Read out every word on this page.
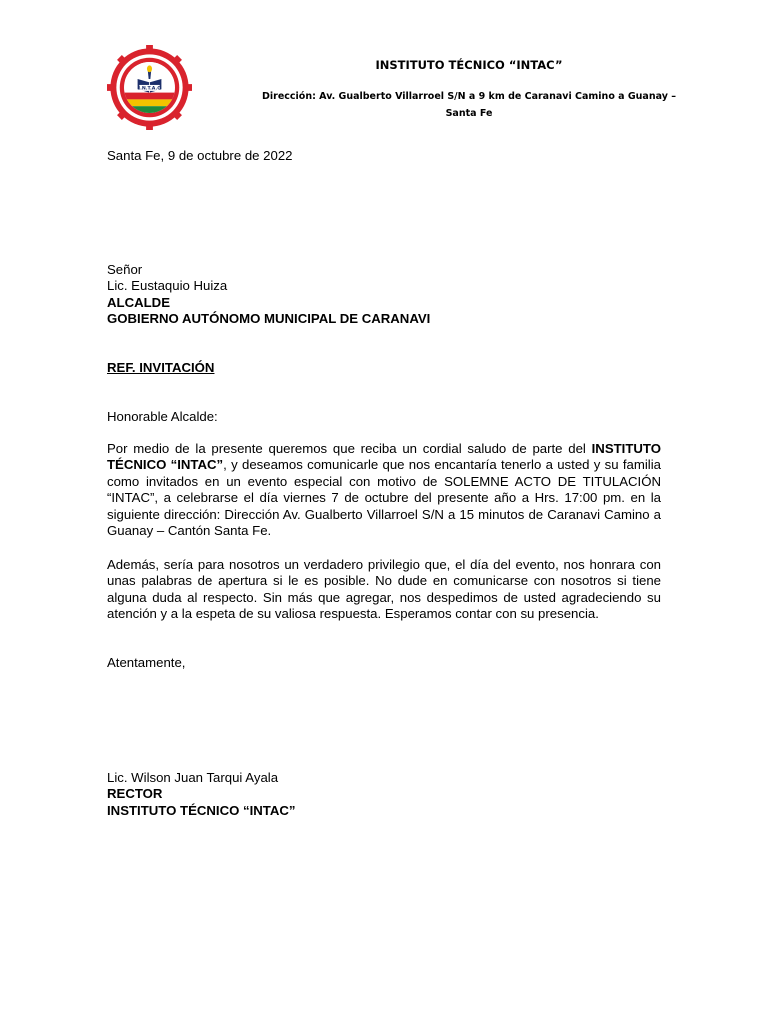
I.N.T.A.C
INSTITUTO TÉCNICO “INTAC”
Dirección: Av. Gualberto Villarroel S/N a 9 km de Caranavi Camino a Guanay –
Santa Fe
Santa Fe, 9 de octubre de 2022
Señor
Lic. Eustaquio Huiza
ALCALDE
GOBIERNO AUTÓNOMO MUNICIPAL DE CARANAVI
REF. INVITACIÓN
Honorable Alcalde:
Por medio de la presente queremos que reciba un cordial saludo de parte del INSTITUTO TÉCNICO “INTAC”, y deseamos comunicarle que nos encantaría tenerlo a usted y su familia como invitados en un evento especial con motivo de SOLEMNE ACTO DE TITULACIÓN “INTAC”, a celebrarse el día viernes 7 de octubre del presente año a Hrs. 17:00 pm. en la siguiente dirección: Dirección Av. Gualberto Villarroel S/N a 15 minutos de Caranavi Camino a Guanay – Cantón Santa Fe.
Además, sería para nosotros un verdadero privilegio que, el día del evento, nos honrara con unas palabras de apertura si le es posible. No dude en comunicarse con nosotros si tiene alguna duda al respecto. Sin más que agregar, nos despedimos de usted agradeciendo su atención y a la espeta de su valiosa respuesta. Esperamos contar con su presencia.
Atentamente,
Lic. Wilson Juan Tarqui Ayala
RECTOR
INSTITUTO TÉCNICO “INTAC”
